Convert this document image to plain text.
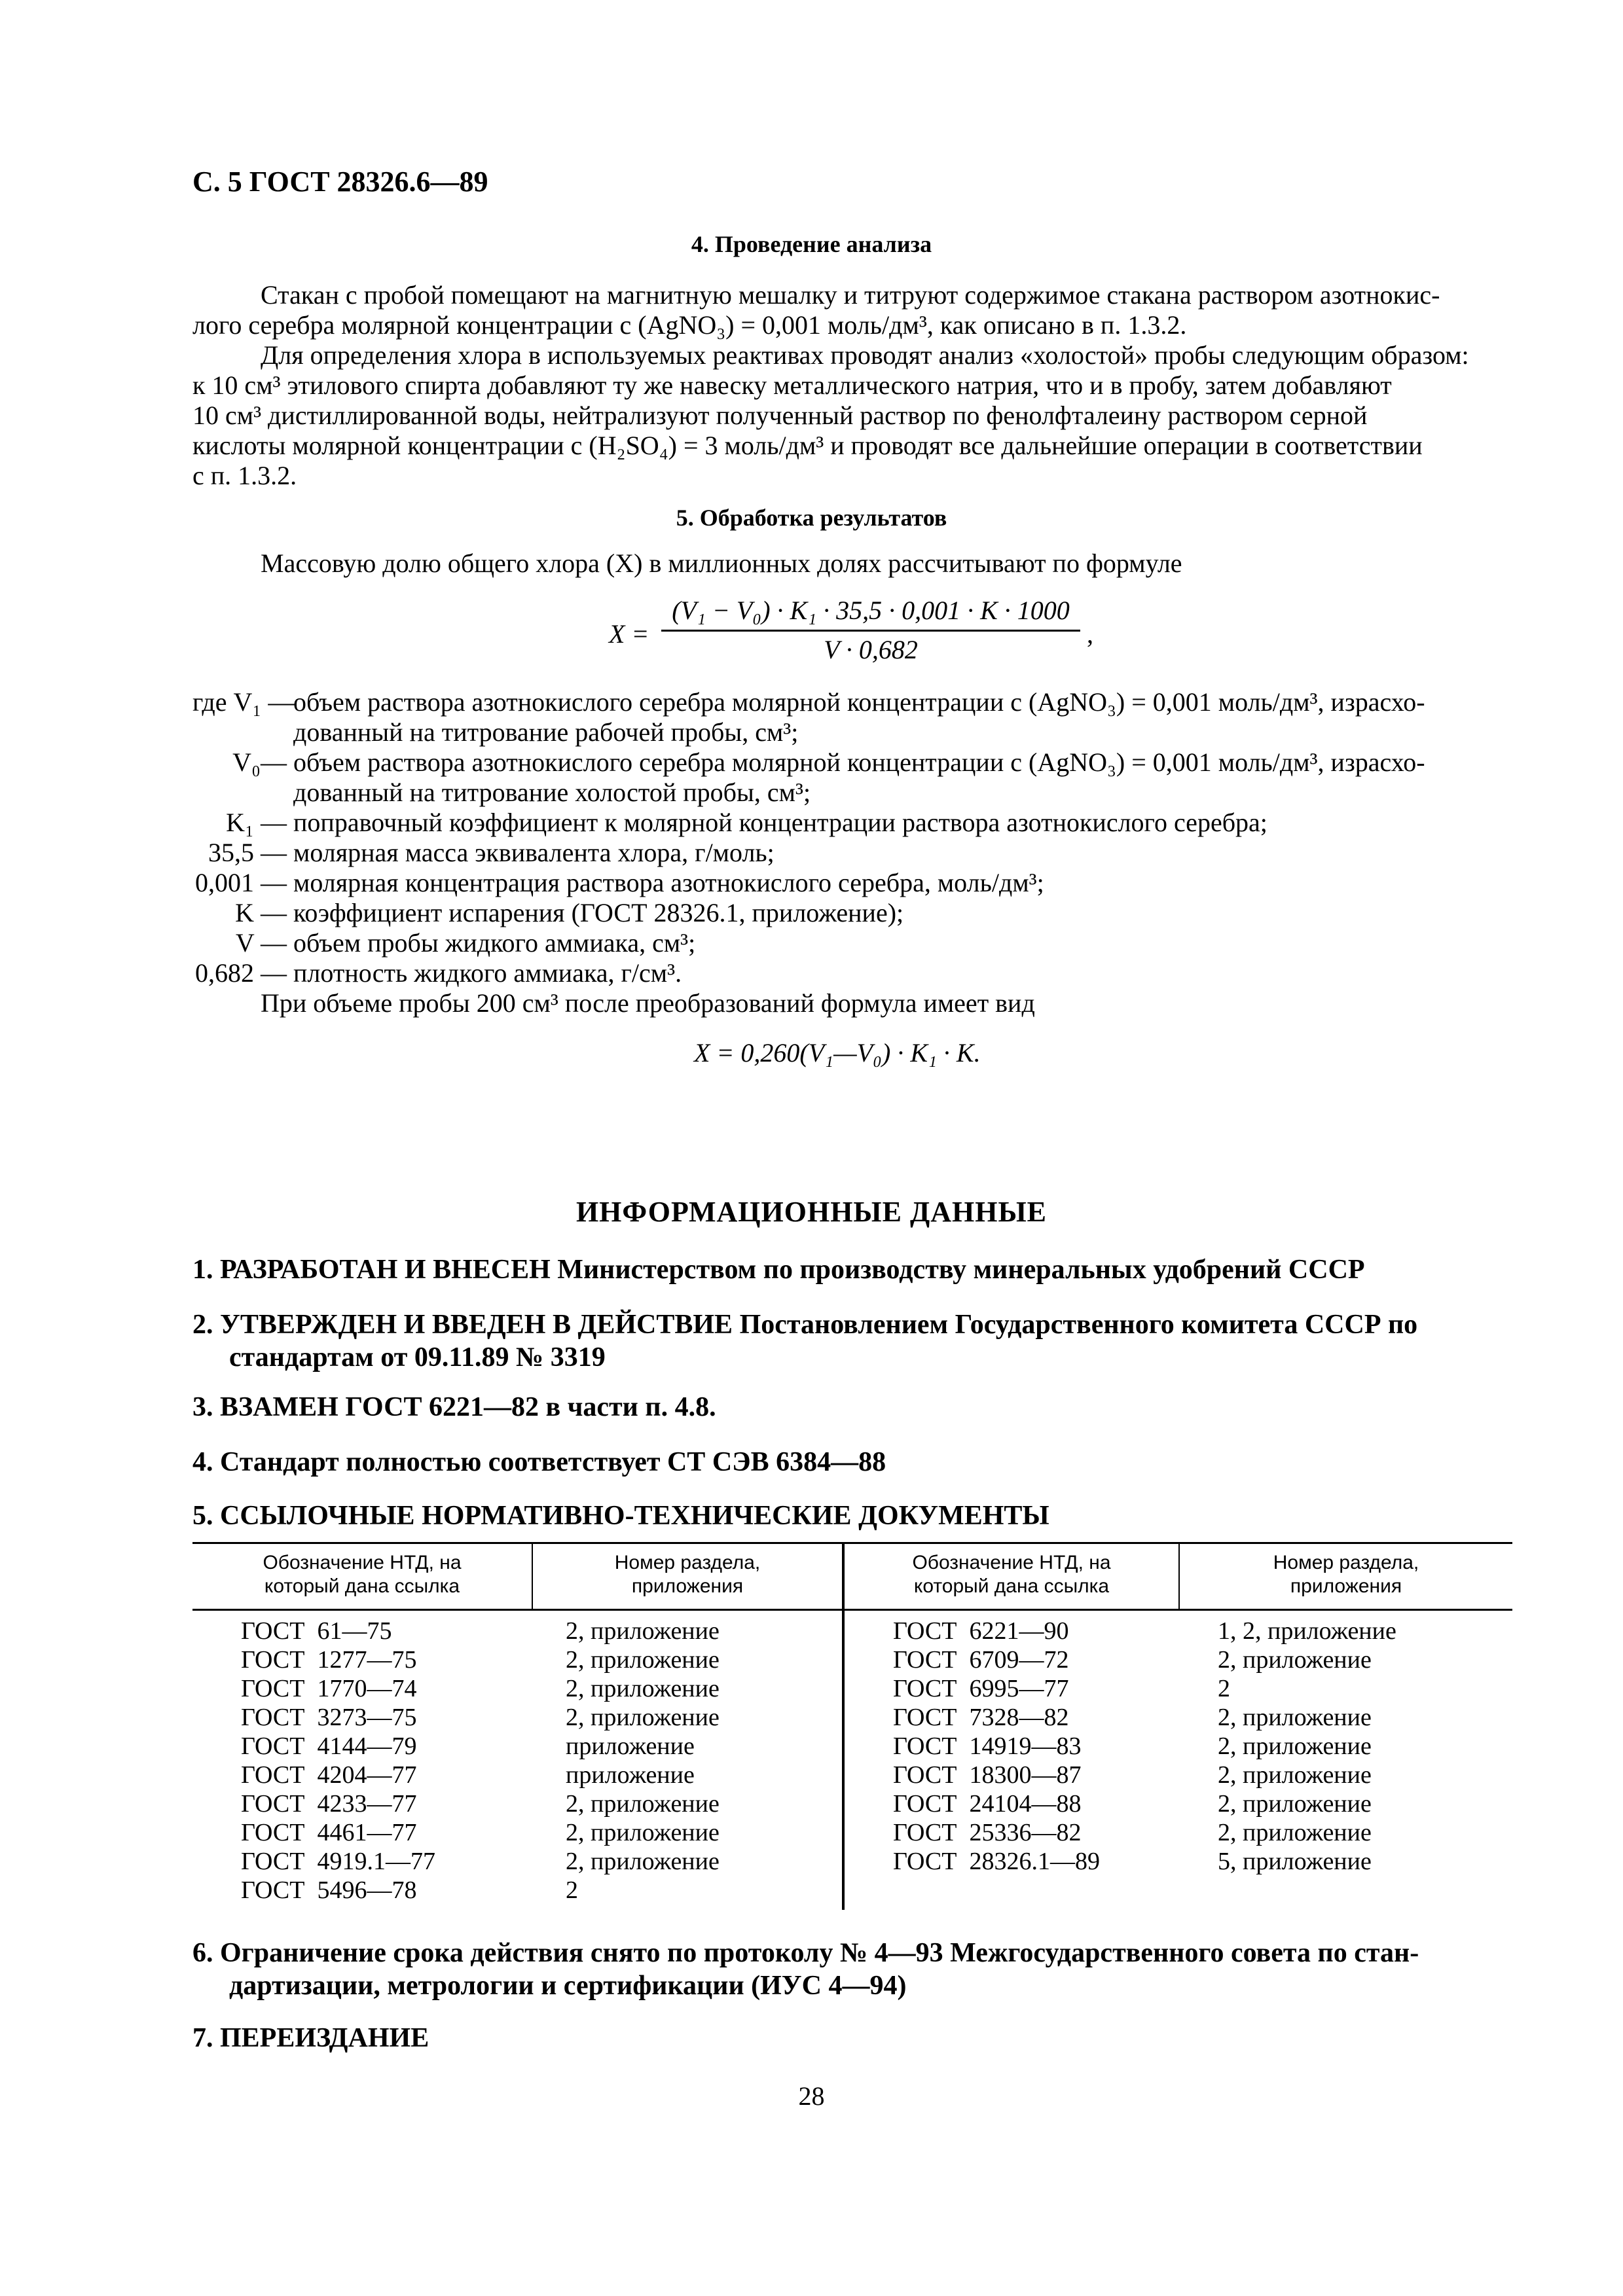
С. 5 ГОСТ 28326.6—89
4. Проведение анализа
Стакан с пробой помещают на магнитную мешалку и титруют содержимое стакана раствором азотнокис-
лого серебра молярной концентрации c (AgNO₃) = 0,001 моль/дм³, как описано в п. 1.3.2.
Для определения хлора в используемых реактивах проводят анализ «холостой» пробы следующим образом:
к 10 см³ этилового спирта добавляют ту же навеску металлического натрия, что и в пробу, затем добавляют
10 см³ дистиллированной воды, нейтрализуют полученный раствор по фенолфталеину раствором серной
кислоты молярной концентрации c (H₂SO₄) = 3 моль/дм³ и проводят все дальнейшие операции в соответствии
с п. 1.3.2.
5. Обработка результатов
Массовую долю общего хлора (X) в миллионных долях рассчитывают по формуле
X =
(V₁ − V₀) · K₁ · 35,5 · 0,001 · K · 1000
V · 0,682
,
где V₁ —
объем раствора азотнокислого серебра молярной концентрации c (AgNO₃) = 0,001 моль/дм³, израсхо-
дованный на титрование рабочей пробы, см³;
V₀— объем раствора азотнокислого серебра молярной концентрации c (AgNO₃) = 0,001 моль/дм³, израсхо-
дованный на титрование холостой пробы, см³;
K₁ — поправочный коэффициент к молярной концентрации раствора азотнокислого серебра;
35,5 — молярная масса эквивалента хлора, г/моль;
0,001 — молярная концентрация раствора азотнокислого серебра, моль/дм³;
K — коэффициент испарения (ГОСТ 28326.1, приложение);
V — объем пробы жидкого аммиака, см³;
0,682 — плотность жидкого аммиака, г/см³.
При объеме пробы 200 см³ после преобразований формула имеет вид
X = 0,260(V₁—V₀) · K₁ · K.
ИНФОРМАЦИОННЫЕ ДАННЫЕ
1. РАЗРАБОТАН И ВНЕСЕН Министерством по производству минеральных удобрений СССР
2. УТВЕРЖДЕН И ВВЕДЕН В ДЕЙСТВИЕ Постановлением Государственного комитета СССР по
стандартам от 09.11.89 № 3319
3. ВЗАМЕН ГОСТ 6221—82 в части п. 4.8.
4. Стандарт полностью соответствует СТ СЭВ 6384—88
5. ССЫЛОЧНЫЕ НОРМАТИВНО-ТЕХНИЧЕСКИЕ ДОКУМЕНТЫ
Обозначение НТД, на
который дана ссылка
Номер раздела,
приложения
Обозначение НТД, на
который дана ссылка
Номер раздела,
приложения
ГОСТ  61—75
ГОСТ  1277—75
ГОСТ  1770—74
ГОСТ  3273—75
ГОСТ  4144—79
ГОСТ  4204—77
ГОСТ  4233—77
ГОСТ  4461—77
ГОСТ  4919.1—77
ГОСТ  5496—78
2, приложение
2, приложение
2, приложение
2, приложение
приложение
приложение
2, приложение
2, приложение
2, приложение
2
ГОСТ  6221—90
ГОСТ  6709—72
ГОСТ  6995—77
ГОСТ  7328—82
ГОСТ  14919—83
ГОСТ  18300—87
ГОСТ  24104—88
ГОСТ  25336—82
ГОСТ  28326.1—89
1, 2, приложение
2, приложение
2
2, приложение
2, приложение
2, приложение
2, приложение
2, приложение
5, приложение
6. Ограничение срока действия снято по протоколу № 4—93 Межгосударственного совета по стан-
дартизации, метрологии и сертификации (ИУС 4—94)
7. ПЕРЕИЗДАНИЕ
28
